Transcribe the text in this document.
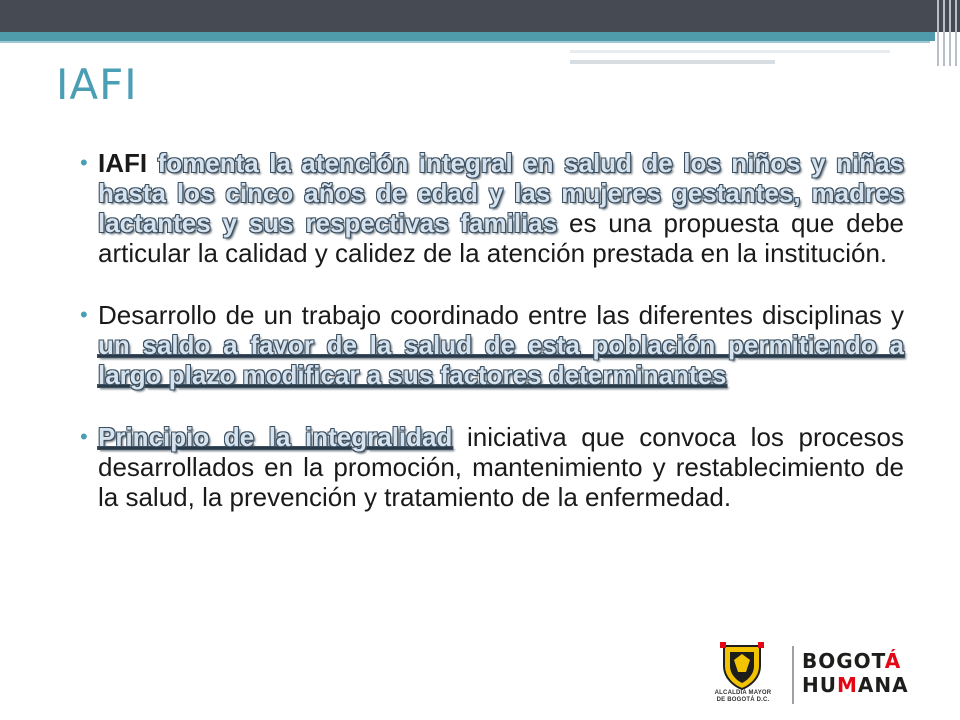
IAFI
• IAFI fomenta la atención integral en salud de los niños y niñas hasta los cinco años de edad y las mujeres gestantes, madres lactantes y sus respectivas familias es una propuesta que debe articular la calidad y calidez de la atención prestada en la institución.
• Desarrollo de un trabajo coordinado entre las diferentes disciplinas y un saldo a favor de la salud de esta población permitiendo a largo plazo modificar a sus factores determinantes
• Principio de la integralidad iniciativa que convoca los procesos desarrollados en la promoción, mantenimiento y restablecimiento de la salud, la prevención y tratamiento de la enfermedad.
ALCALDÍA MAYOR
DE BOGOTÁ D.C.
BOGOTÁ
HUMANA
